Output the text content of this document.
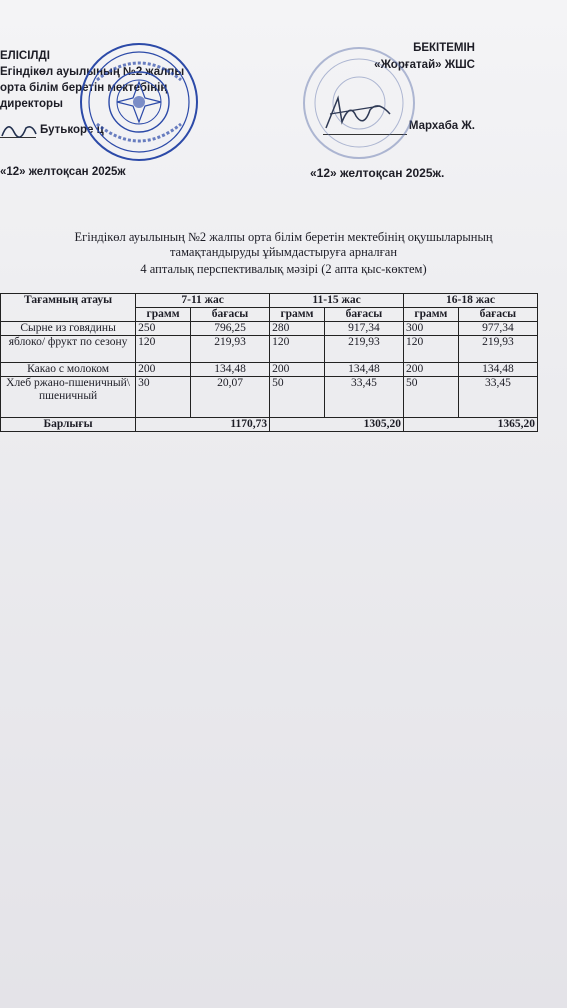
ЕЛІСІЛДІ
Егіндікөл ауылының №2 жалпы
орта білім беретін мектебінің
директоры
Бутькоре ц
«12» желтоқсан 2025ж
БЕКІТЕМІН
«Жорғатай» ЖШС
Мархаба Ж.
«12» желтоқсан 2025ж.
Егіндікөл ауылының №2 жалпы орта білім беретін мектебінің оқушыларының
тамақтандыруды ұйымдастыруға арналған
4 апталық перспективалық мәзірі (2 апта қыс-көктем)
Тағамның атауы	7-11 жас		11-15 жас		16-18 жас	
	грамм	бағасы	грамм	бағасы	грамм	бағасы
Сырне из говядины	250	796,25	280	917,34	300	977,34
яблоко/ фрукт по сезону	120	219,93	120	219,93	120	219,93
Какао с молоком	200	134,48	200	134,48	200	134,48
Хлеб ржано-пшеничный\ пшеничный	30	20,07	50	33,45	50	33,45
Барлығы	1170,73		1305,20		1365,20	
